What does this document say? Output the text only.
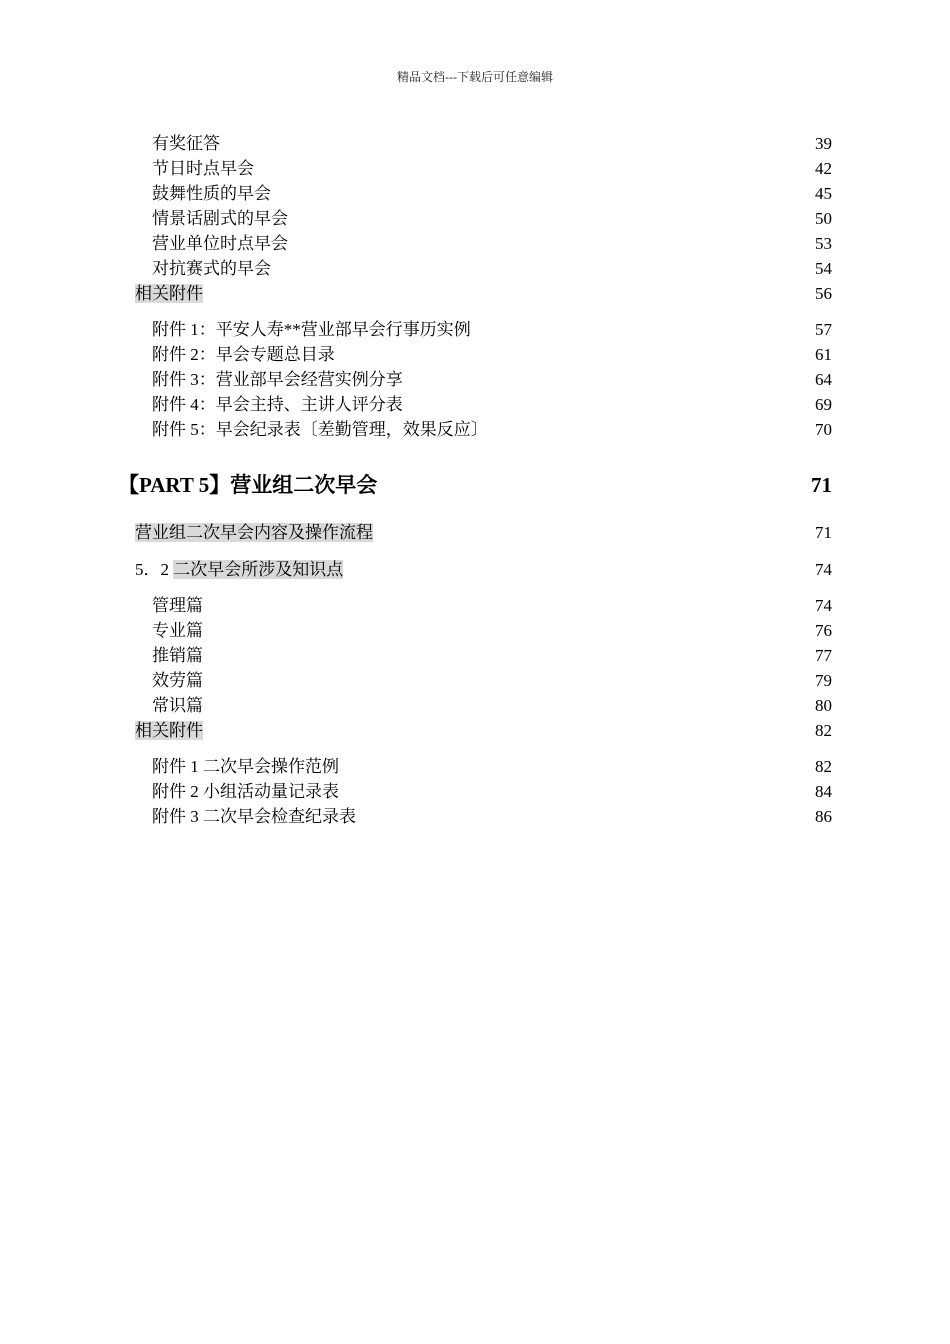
精品文档---下载后可任意编辑
有奖征答	39
节日时点早会	42
鼓舞性质的早会	45
情景话剧式的早会	50
营业单位时点早会	53
对抗赛式的早会	54
相关附件	56
附件 1：平安人寿**营业部早会行事历实例	57
附件 2：早会专题总目录	61
附件 3：营业部早会经营实例分享	64
附件 4：早会主持、主讲人评分表	69
附件 5：早会纪录表〔差勤管理，效果反应〕	70
【PART 5】营业组二次早会	71
营业组二次早会内容及操作流程	71
5．2 二次早会所涉及知识点	74
管理篇	74
专业篇	76
推销篇	77
效劳篇	79
常识篇	80
相关附件	82
附件 1 二次早会操作范例	82
附件 2 小组活动量记录表	84
附件 3 二次早会检查纪录表	86
